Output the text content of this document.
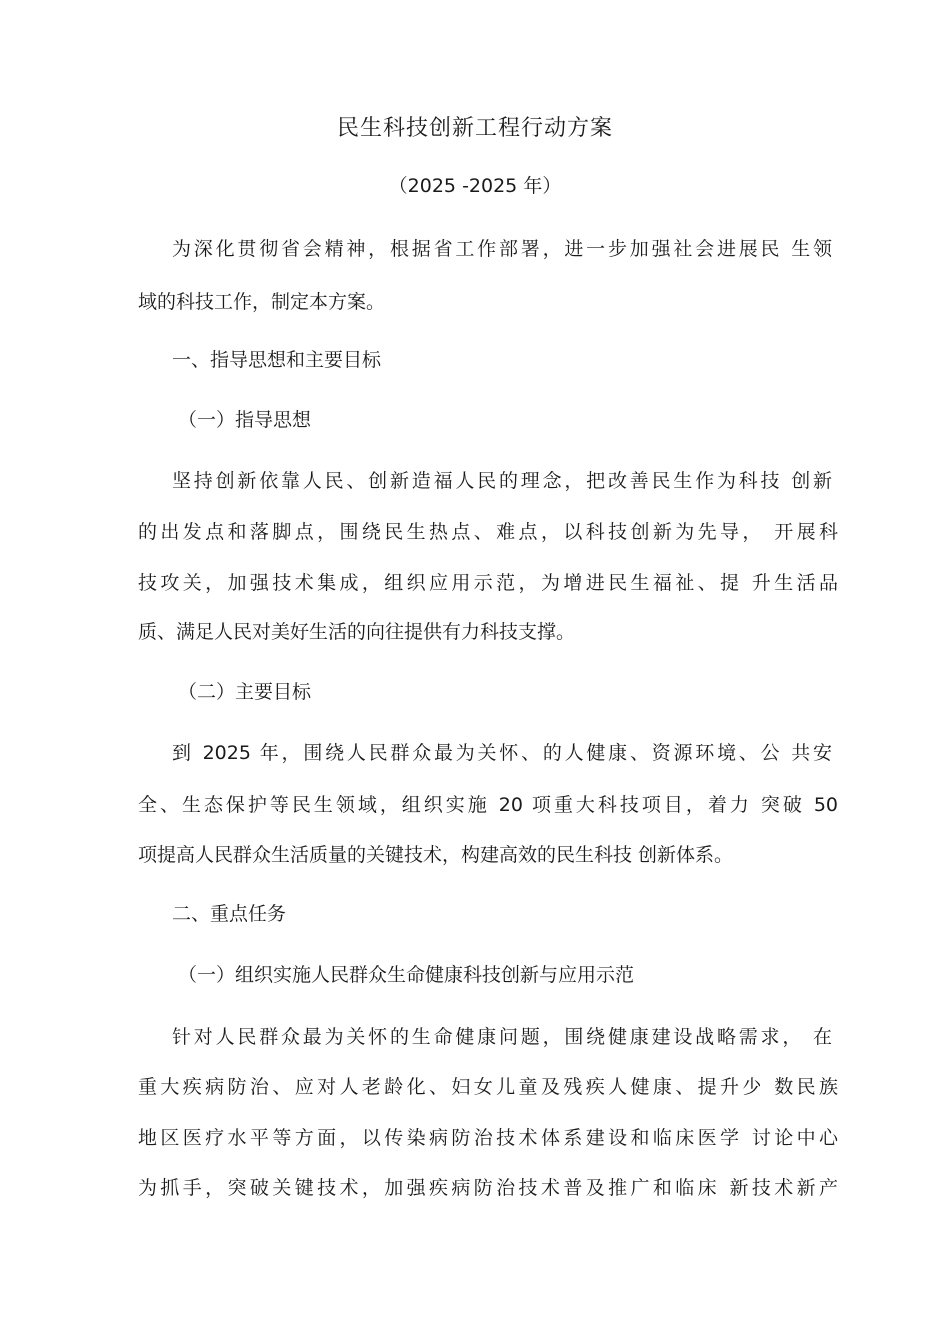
民生科技创新工程行动方案
（2025 -2025 年）
为深化贯彻省会精神，根据省工作部署，进一步加强社会进展民 生领
域的科技工作，制定本方案。
一、指导思想和主要目标
（一）指导思想
坚持创新依靠人民、创新造福人民的理念，把改善民生作为科技 创新
的出发点和落脚点，围绕民生热点、难点，以科技创新为先导， 开展科
技攻关，加强技术集成，组织应用示范，为增进民生福祉、提 升生活品
质、满足人民对美好生活的向往提供有力科技支撑。
（二）主要目标
到 2025 年，围绕人民群众最为关怀、的人健康、资源环境、公 共安
全、生态保护等民生领域，组织实施 20 项重大科技项目，着力 突破 50
项提高人民群众生活质量的关键技术，构建高效的民生科技 创新体系。
二、重点任务
（一）组织实施人民群众生命健康科技创新与应用示范
针对人民群众最为关怀的生命健康问题，围绕健康建设战略需求， 在
重大疾病防治、应对人老龄化、妇女儿童及残疾人健康、提升少 数民族
地区医疗水平等方面，以传染病防治技术体系建设和临床医学 讨论中心
为抓手，突破关键技术，加强疾病防治技术普及推广和临床 新技术新产
